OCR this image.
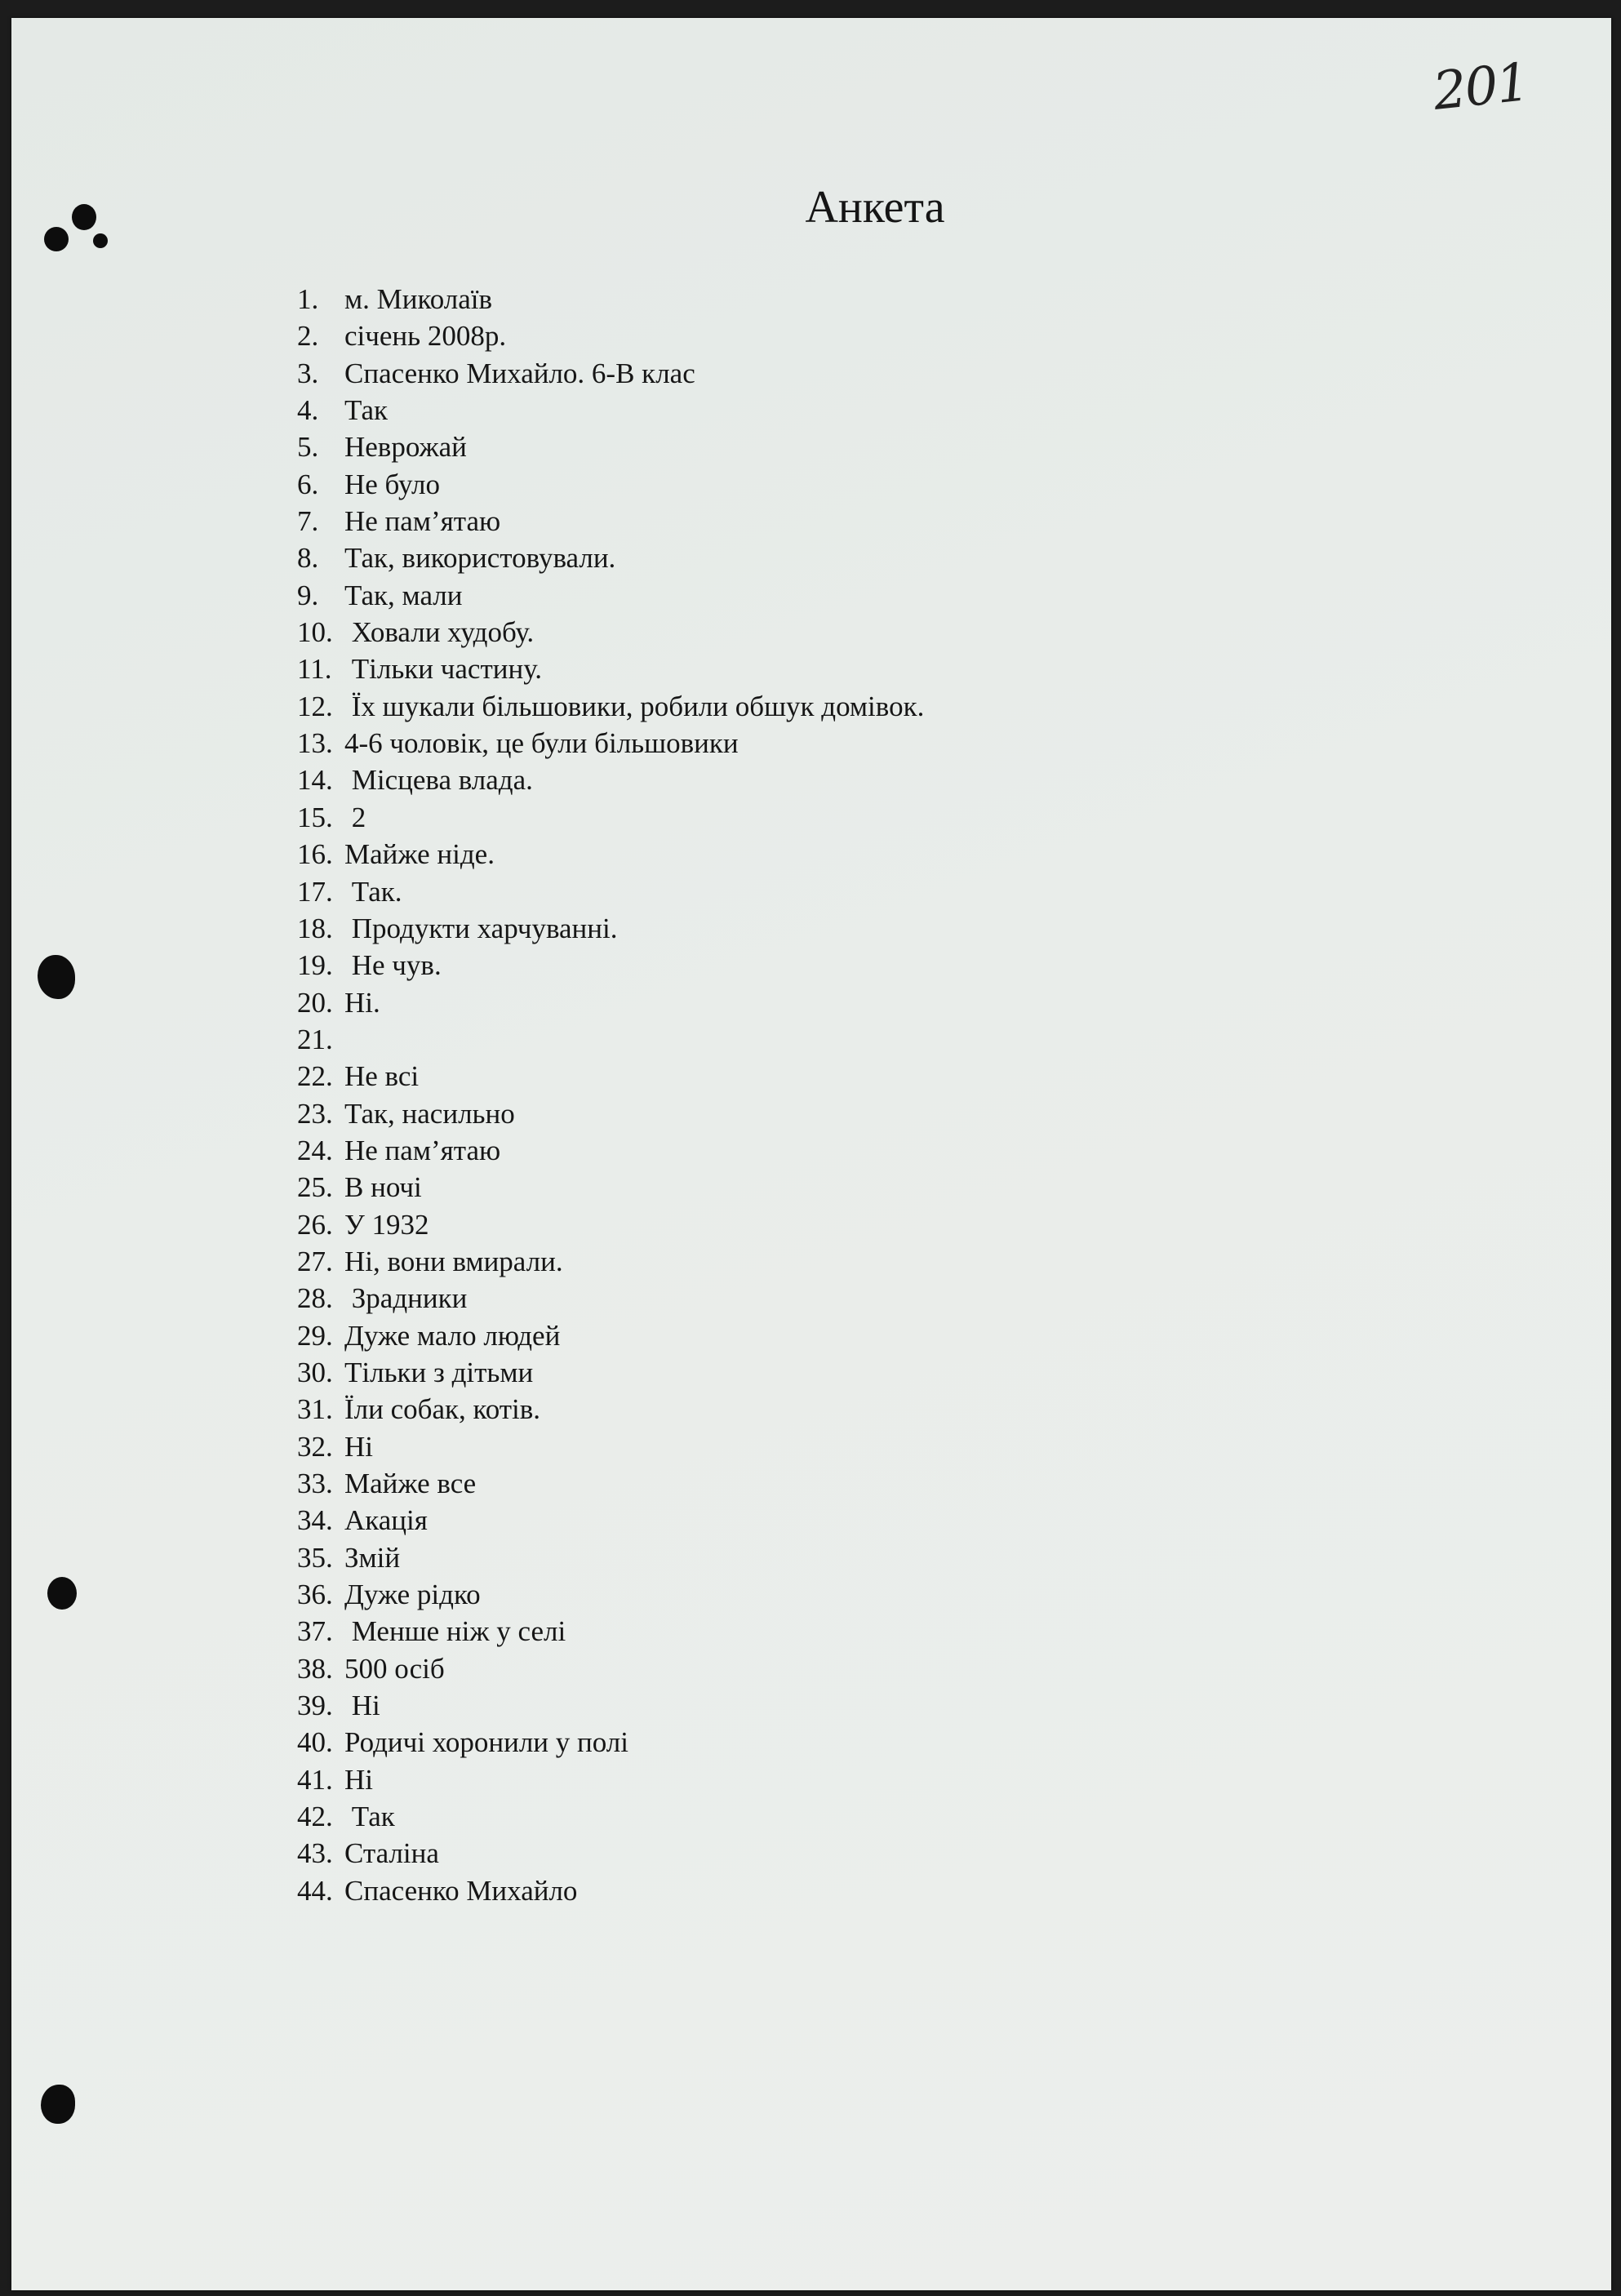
201
Анкета
1. м. Миколаїв
2. січень 2008р.
3. Спасенко Михайло. 6-В клас
4. Так
5. Неврожай
6. Не було
7. Не пам’ятаю
8. Так, використовували.
9. Так, мали
10. Ховали худобу.
11. Тільки частину.
12. Їх шукали більшовики, робили обшук домівок.
13. 4-6 чоловік, це були більшовики
14. Місцева влада.
15. 2
16. Майже ніде.
17. Так.
18. Продукти харчуванні.
19. Не чув.
20. Ні.
21.
22. Не всі
23. Так, насильно
24. Не пам’ятаю
25. В ночі
26. У 1932
27. Ні, вони вмирали.
28. Зрадники
29. Дуже мало людей
30. Тільки з дітьми
31. Їли собак, котів.
32. Ні
33. Майже все
34. Акація
35. Змій
36. Дуже рідко
37. Менше ніж у селі
38. 500 осіб
39. Ні
40. Родичі хоронили у полі
41. Ні
42. Так
43. Сталіна
44. Спасенко Михайло
